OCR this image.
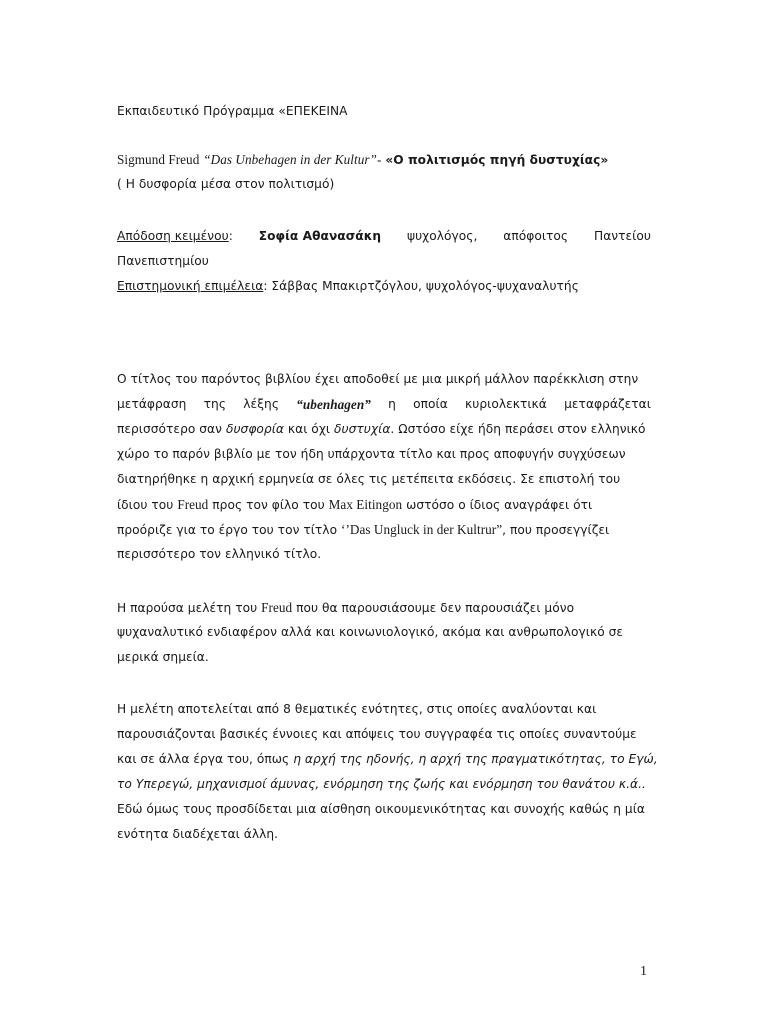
Εκπαιδευτικό Πρόγραμμα «ΕΠΕΚΕΙΝΑ
Sigmund Freud “Das Unbehagen in der Kultur”- «Ο πολιτισμός πηγή δυστυχίας»
( Η δυσφορία μέσα στον πολιτισμό)
Απόδοση κειμένου: Σοφία Αθανασάκη ψυχολόγος, απόφοιτος Παντείου
Πανεπιστημίου
Επιστημονική επιμέλεια: Σάββας Μπακιρτζόγλου, ψυχολόγος-ψυχαναλυτής
Ο τίτλος του παρόντος βιβλίου έχει αποδοθεί με μια μικρή μάλλον παρέκκλιση στην
μετάφραση της λέξης “ubenhagen” η οποία κυριολεκτικά μεταφράζεται
περισσότερο σαν δυσφορία και όχι δυστυχία. Ωστόσο είχε ήδη περάσει στον ελληνικό
χώρο το παρόν βιβλίο με τον ήδη υπάρχοντα τίτλο και προς αποφυγήν συγχύσεων
διατηρήθηκε η αρχική ερμηνεία σε όλες τις μετέπειτα εκδόσεις. Σε επιστολή του
ίδιου του Freud προς τον φίλο του Max Eitingon ωστόσο ο ίδιος αναγράφει ότι
προόριζε για το έργο του τον τίτλο ‘’Das Ungluck in der Kultrur”, που προσεγγίζει
περισσότερο τον ελληνικό τίτλο.
Η παρούσα μελέτη του Freud που θα παρουσιάσουμε δεν παρουσιάζει μόνο
ψυχαναλυτικό ενδιαφέρον αλλά και κοινωνιολογικό, ακόμα και ανθρωπολογικό σε
μερικά σημεία.
Η μελέτη αποτελείται από 8 θεματικές ενότητες, στις οποίες αναλύονται και
παρουσιάζονται βασικές έννοιες και απόψεις του συγγραφέα τις οποίες συναντούμε
και σε άλλα έργα του, όπως η αρχή της ηδονής, η αρχή της πραγματικότητας, το Εγώ,
το Υπερεγώ, μηχανισμοί άμυνας, ενόρμηση της ζωής και ενόρμηση του θανάτου κ.ά..
Εδώ όμως τους προσδίδεται μια αίσθηση οικουμενικότητας και συνοχής καθώς η μία
ενότητα διαδέχεται άλλη.
1
